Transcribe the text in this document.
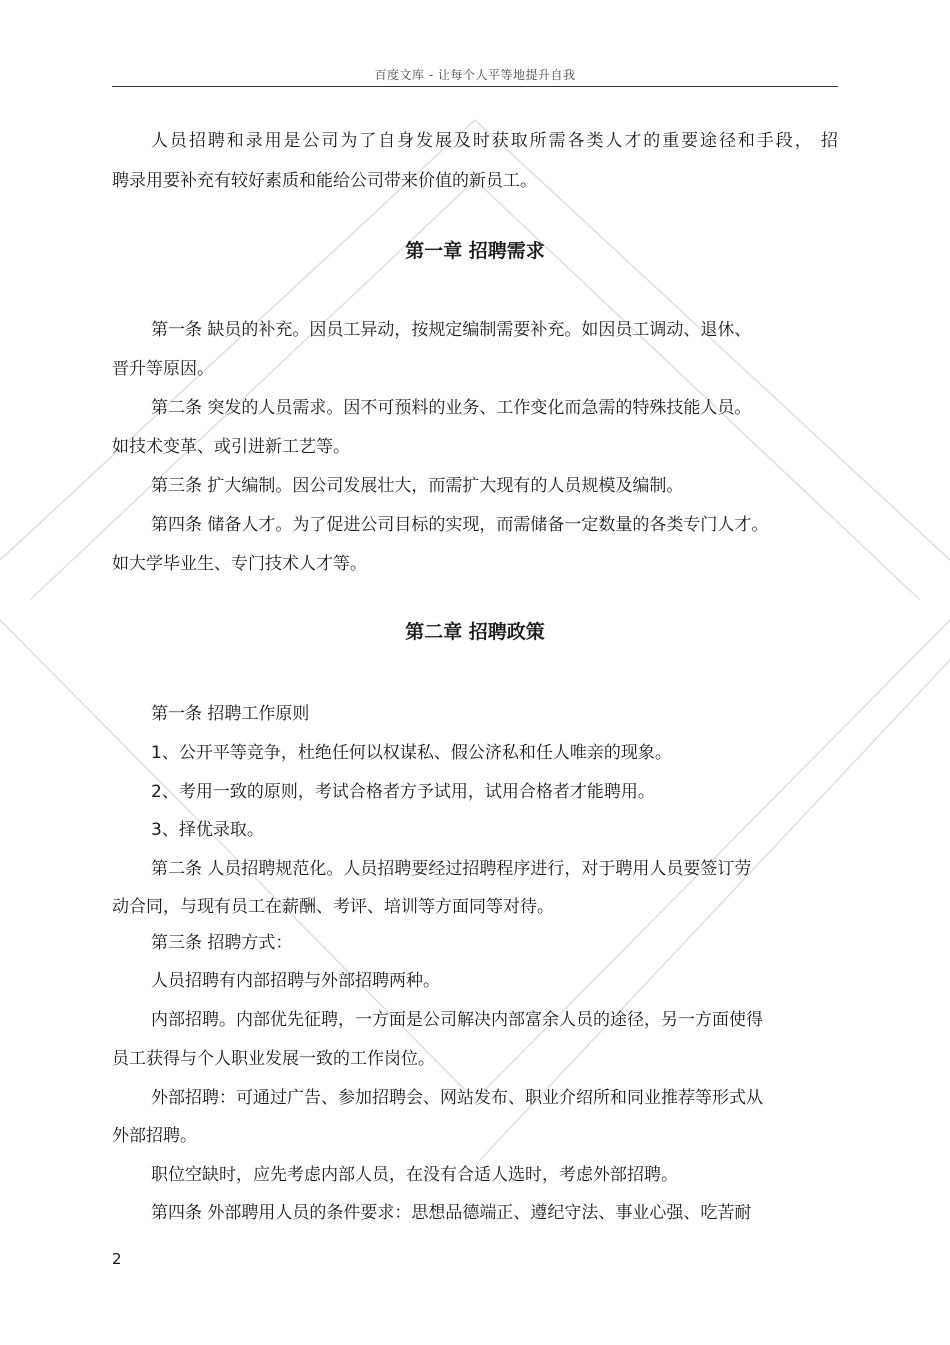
百度文库 - 让每个人平等地提升自我

人员招聘和录用是公司为了自身发展及时获取所需各类人才的重要途径和手段， 招

聘录用要补充有较好素质和能给公司带来价值的新员工。

第一章 招聘需求

第一条 缺员的补充。因员工异动，按规定编制需要补充。如因员工调动、退休、

晋升等原因。

第二条 突发的人员需求。因不可预料的业务、工作变化而急需的特殊技能人员。

如技术变革、或引进新工艺等。

第三条 扩大编制。因公司发展壮大，而需扩大现有的人员规模及编制。

第四条 储备人才。为了促进公司目标的实现，而需储备一定数量的各类专门人才。

如大学毕业生、专门技术人才等。

第二章 招聘政策

第一条 招聘工作原则

1、公开平等竞争，杜绝任何以权谋私、假公济私和任人唯亲的现象。

2、考用一致的原则，考试合格者方予试用，试用合格者才能聘用。

3、择优录取。

第二条 人员招聘规范化。人员招聘要经过招聘程序进行，对于聘用人员要签订劳

动合同，与现有员工在薪酬、考评、培训等方面同等对待。

第三条 招聘方式：

人员招聘有内部招聘与外部招聘两种。

内部招聘。内部优先征聘，一方面是公司解决内部富余人员的途径，另一方面使得

员工获得与个人职业发展一致的工作岗位。

外部招聘：可通过广告、参加招聘会、网站发布、职业介绍所和同业推荐等形式从

外部招聘。

职位空缺时，应先考虑内部人员，在没有合适人选时，考虑外部招聘。

第四条 外部聘用人员的条件要求：思想品德端正、遵纪守法、事业心强、吃苦耐

2
